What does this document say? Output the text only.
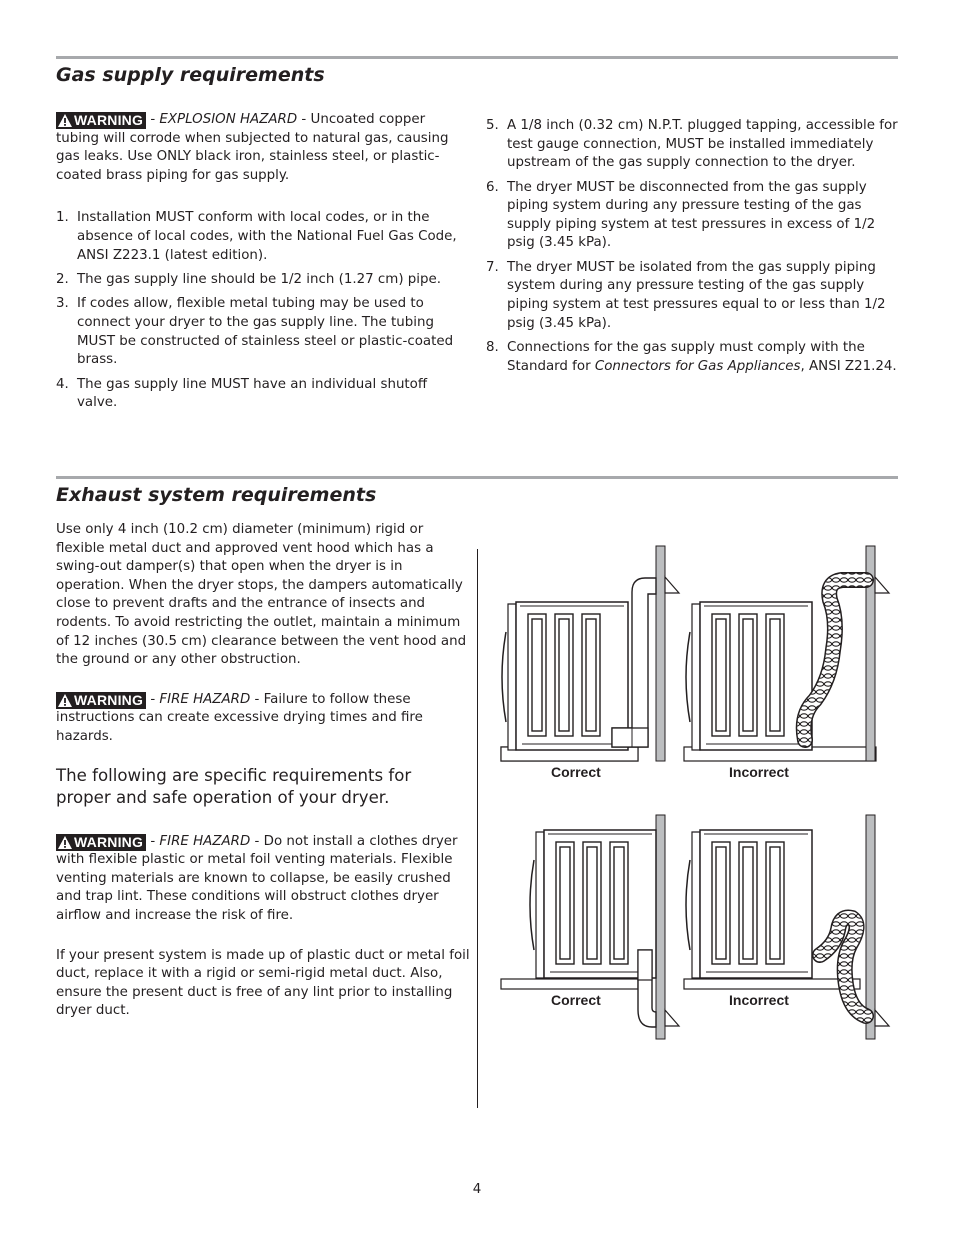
Gas supply requirements

WARNING - EXPLOSION HAZARD - Uncoated copper tubing will corrode when subjected to natural gas, causing gas leaks. Use ONLY black iron, stainless steel, or plastic-coated brass piping for gas supply.

1. Installation MUST conform with local codes, or in the absence of local codes, with the National Fuel Gas Code, ANSI Z223.1 (latest edition).
2. The gas supply line should be 1/2 inch (1.27 cm) pipe.
3. If codes allow, flexible metal tubing may be used to connect your dryer to the gas supply line. The tubing MUST be constructed of stainless steel or plastic-coated brass.
4. The gas supply line MUST have an individual shutoff valve.
5. A 1/8 inch (0.32 cm) N.P.T. plugged tapping, accessible for test gauge connection, MUST be installed immediately upstream of the gas supply connection to the dryer.
6. The dryer MUST be disconnected from the gas supply piping system during any pressure testing of the gas supply piping system at test pressures in excess of 1/2 psig (3.45 kPa).
7. The dryer MUST be isolated from the gas supply piping system during any pressure testing of the gas supply piping system at test pressures equal to or less than 1/2 psig (3.45 kPa).
8. Connections for the gas supply must comply with the Standard for Connectors for Gas Appliances, ANSI Z21.24.
Exhaust system requirements

Use only 4 inch (10.2 cm) diameter (minimum) rigid or flexible metal duct and approved vent hood which has a swing-out damper(s) that open when the dryer is in operation. When the dryer stops, the dampers automatically close to prevent drafts and the entrance of insects and rodents. To avoid restricting the outlet, maintain a minimum of 12 inches (30.5 cm) clearance between the vent hood and the ground or any other obstruction.

WARNING - FIRE HAZARD - Failure to follow these instructions can create excessive drying times and fire hazards.

The following are specific requirements for proper and safe operation of your dryer.

WARNING - FIRE HAZARD - Do not install a clothes dryer with flexible plastic or metal foil venting materials. Flexible venting materials are known to collapse, be easily crushed and trap lint. These conditions will obstruct clothes dryer airflow and increase the risk of fire.

If your present system is made up of plastic duct or metal foil duct, replace it with a rigid or semi-rigid metal duct. Also, ensure the present duct is free of any lint prior to installing dryer duct.

Correct	Incorrect
Correct	Incorrect
4
